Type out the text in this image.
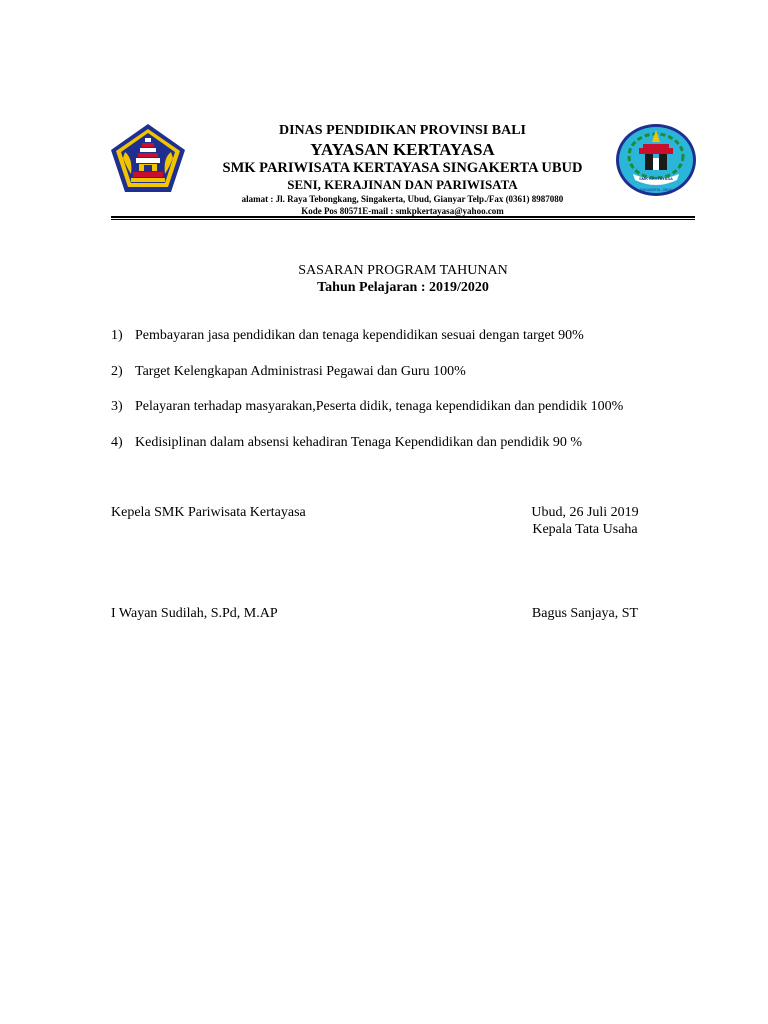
DINAS PENDIDIKAN PROVINSI BALI
YAYASAN KERTAYASA
SMK PARIWISATA KERTAYASA SINGAKERTA UBUD
SENI, KERAJINAN DAN PARIWISATA
alamat : Jl. Raya Tebongkang, Singakerta, Ubud, Gianyar Telp./Fax (0361) 8987080
Kode Pos 80571E-mail : smkpkertayasa@yahoo.com
SMK KERTAYASA
SINGAKERTA - UBUD
SASARAN PROGRAM TAHUNAN
Tahun Pelajaran : 2019/2020
1) Pembayaran jasa pendidikan dan tenaga kependidikan sesuai dengan target 90%
2) Target Kelengkapan Administrasi Pegawai dan Guru 100%
3) Pelayaran terhadap masyarakan,Peserta didik, tenaga kependidikan dan pendidik 100%
4) Kedisiplinan dalam absensi kehadiran Tenaga Kependidikan dan pendidik 90 %
Kepela SMK Pariwisata Kertayasa	Ubud, 26 Juli 2019
Kepala Tata Usaha
I Wayan Sudilah, S.Pd, M.AP	Bagus Sanjaya, ST
